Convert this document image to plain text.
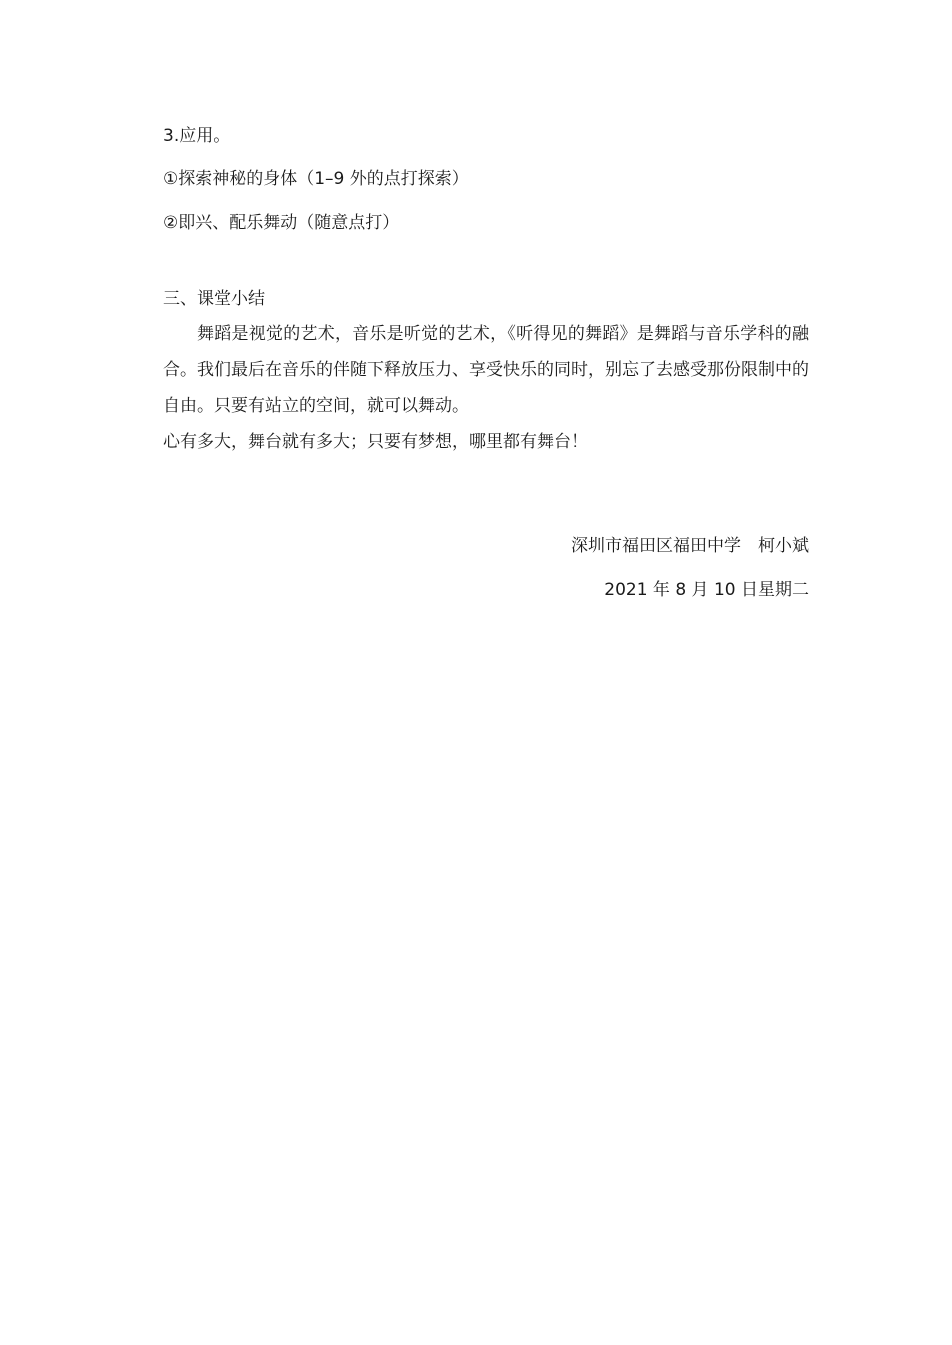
3.应用。
①探索神秘的身体（1–9 外的点打探索）
②即兴、配乐舞动（随意点打）
三、课堂小结
舞蹈是视觉的艺术，音乐是听觉的艺术，《听得见的舞蹈》是舞蹈与音乐学科的融合。我们最后在音乐的伴随下释放压力、享受快乐的同时，别忘了去感受那份限制中的自由。只要有站立的空间，就可以舞动。
心有多大，舞台就有多大；只要有梦想，哪里都有舞台！
深圳市福田区福田中学　柯小斌
2021 年 8 月 10 日星期二
